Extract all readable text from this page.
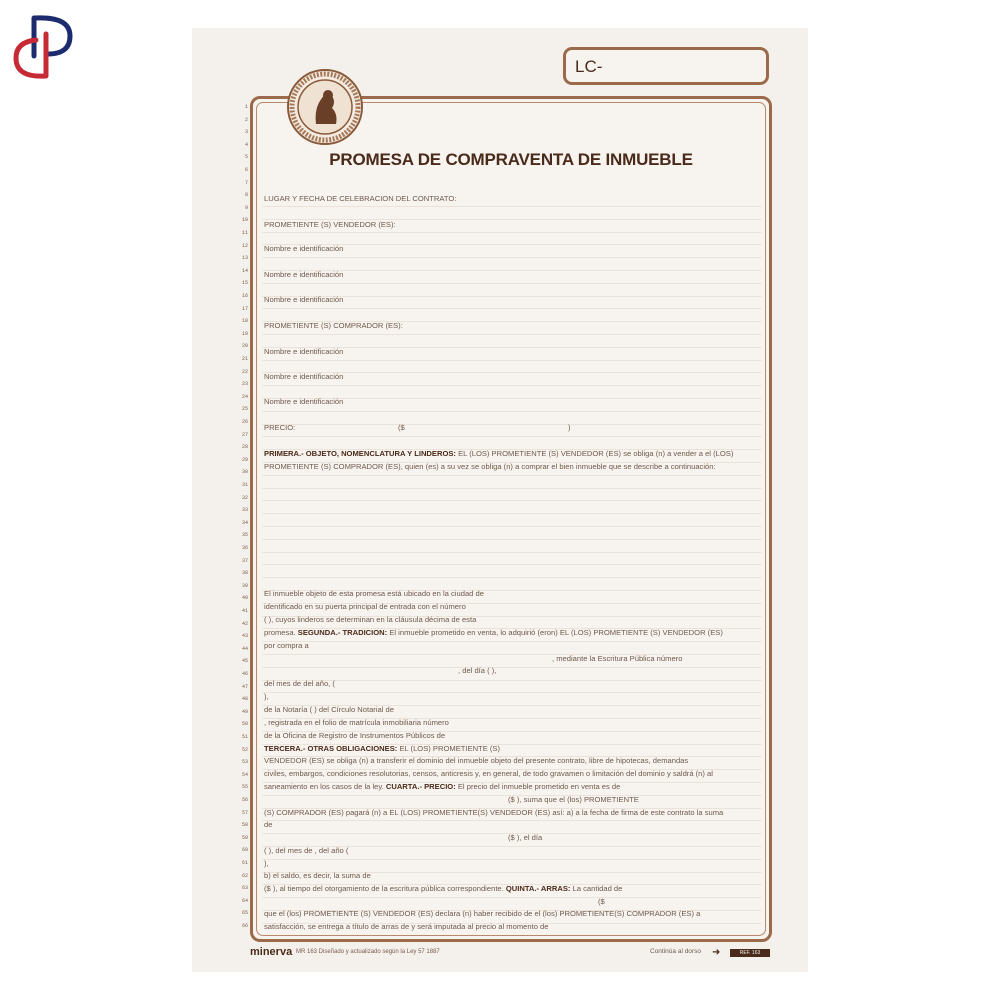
LC-
PROMESA DE COMPRAVENTA DE INMUEBLE
1
2
3
4
5
6
7
8
9
10
11
12
13
14
15
16
17
18
19
20
21
22
23
24
25
26
27
28
29
30
31
32
33
34
35
36
37
38
39
40
41
42
43
44
45
46
47
48
49
50
51
52
53
54
55
56
57
58
59
60
61
62
63
64
65
66
LUGAR Y FECHA DE CELEBRACION DEL CONTRATO:
PROMETIENTE (S) VENDEDOR (ES):
Nombre e identificación
Nombre e identificación
Nombre e identificación
PROMETIENTE (S) COMPRADOR (ES):
Nombre e identificación
Nombre e identificación
Nombre e identificación
PRECIO:	($	)
PRIMERA.- OBJETO, NOMENCLATURA Y LINDEROS: EL (LOS) PROMETIENTE (S) VENDEDOR (ES) se obliga (n) a vender a el (LOS)
PROMETIENTE (S) COMPRADOR (ES), quien (es) a su vez se obliga (n) a comprar el bien inmueble que se describe a continuación:
El inmueble objeto de esta promesa está ubicado en la ciudad de
identificado en su puerta principal de entrada con el número
( ), cuyos linderos se determinan en la cláusula décima de esta
promesa. SEGUNDA.- TRADICION: El inmueble prometido en venta, lo adquirió (eron) EL (LOS) PROMETIENTE (S) VENDEDOR (ES)
por compra a
, mediante la Escritura Pública número
, del día ( ),
del mes de del año, (
),
de la Notaría ( ) del Círculo Notarial de
, registrada en el folio de matrícula inmobiliaria número
de la Oficina de Registro de Instrumentos Públicos de
TERCERA.- OTRAS OBLIGACIONES: EL (LOS) PROMETIENTE (S)
VENDEDOR (ES) se obliga (n) a transferir el dominio del inmueble objeto del presente contrato, libre de hipotecas, demandas
civiles, embargos, condiciones resolutorias, censos, anticresis y, en general, de todo gravamen o limitación del dominio y saldrá (n) al
saneamiento en los casos de la ley. CUARTA.- PRECIO: El precio del inmueble prometido en venta es de
($ ), suma que el (los) PROMETIENTE
(S) COMPRADOR (ES) pagará (n) a EL (LOS) PROMETIENTE(S) VENDEDOR (ES) así: a) a la fecha de firma de este contrato la suma
de
($ ), el día
( ), del mes de , del año (
),
b) el saldo, es decir, la suma de
($ ), al tiempo del otorgamiento de la escritura pública correspondiente. QUINTA.- ARRAS: La cantidad de
($
que el (los) PROMETIENTE (S) VENDEDOR (ES) declara (n) haber recibido de el (los) PROMETIENTE(S) COMPRADOR (ES) a
satisfacción, se entrega a título de arras de y será imputada al precio al momento de
minerva MR 163 Diseñado y actualizado según la Ley 57 1887	Continúa al dorso ➜	REF. 163
